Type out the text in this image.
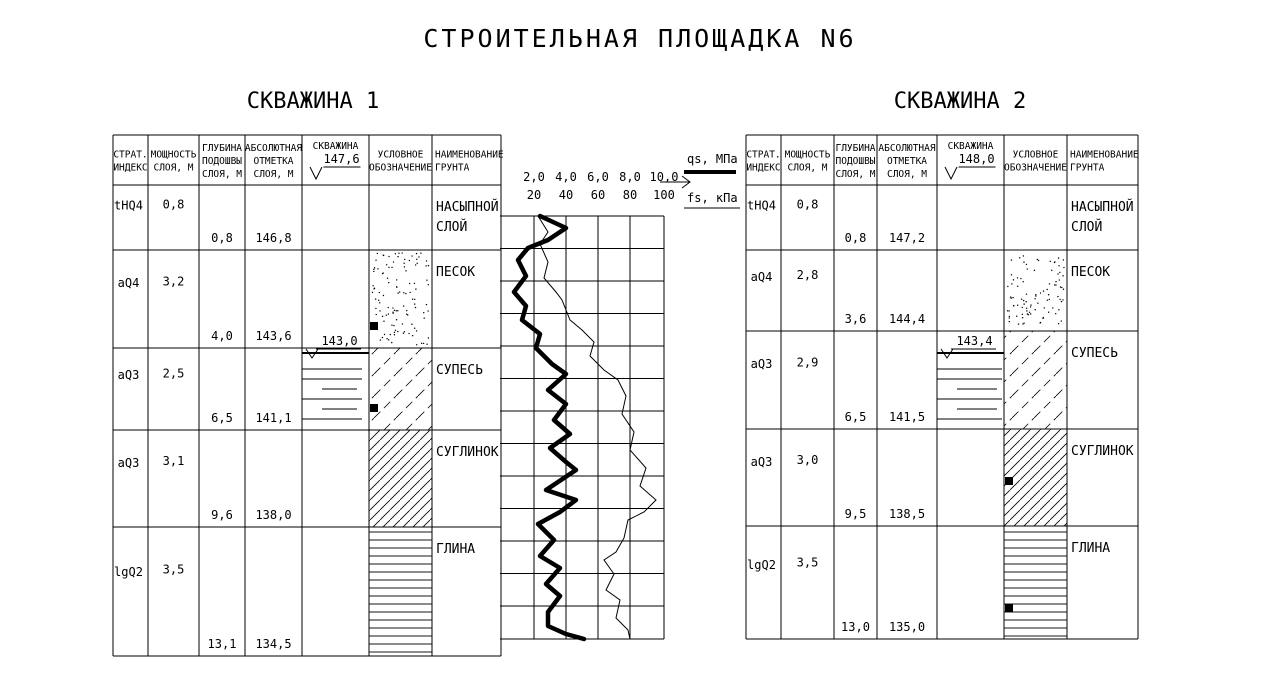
СТРОИТЕЛЬНАЯ ПЛОЩАДКА N6
СКВАЖИНА 1
СТРАТ.
ИНДЕКС
МОЩНОСТЬ
СЛОЯ, М
ГЛУБИНА
ПОДОШВЫ
СЛОЯ, М
АБСОЛЮТНАЯ
ОТМЕТКА
СЛОЯ, М
СКВАЖИНА
УСЛОВНОЕ
ОБОЗНАЧЕНИЕ
НАИМЕНОВАНИЕ
ГРУНТА
147,6
tHQ4 0,8
0,8 146,8
НАСЫПНОЙ
СЛОЙ
aQ4 3,2
4,0 143,6
ПЕСОК
aQ3 2,5
6,5 141,1
СУПЕСЬ
aQ3 3,1
9,6 138,0
СУГЛИНОК
lgQ2 3,5
13,1 134,5
ГЛИНА
143,0
СКВАЖИНА 2
СТРАТ.
ИНДЕКС
МОЩНОСТЬ
СЛОЯ, М
ГЛУБИНА
ПОДОШВЫ
СЛОЯ, М
АБСОЛЮТНАЯ
ОТМЕТКА
СЛОЯ, М
СКВАЖИНА
УСЛОВНОЕ
ОБОЗНАЧЕНИЕ
НАИМЕНОВАНИЕ
ГРУНТА
148,0
tHQ4 0,8
0,8 147,2
НАСЫПНОЙ
СЛОЙ
aQ4 2,8
3,6 144,4
ПЕСОК
aQ3 2,9
6,5 141,5
СУПЕСЬ
aQ3 3,0
9,5 138,5
СУГЛИНОК
lgQ2 3,5
13,0 135,0
ГЛИНА
143,4
2,0 4,0 6,0 8,0 10,0
20 40 60 80 100
qs, МПа
fs, кПа
